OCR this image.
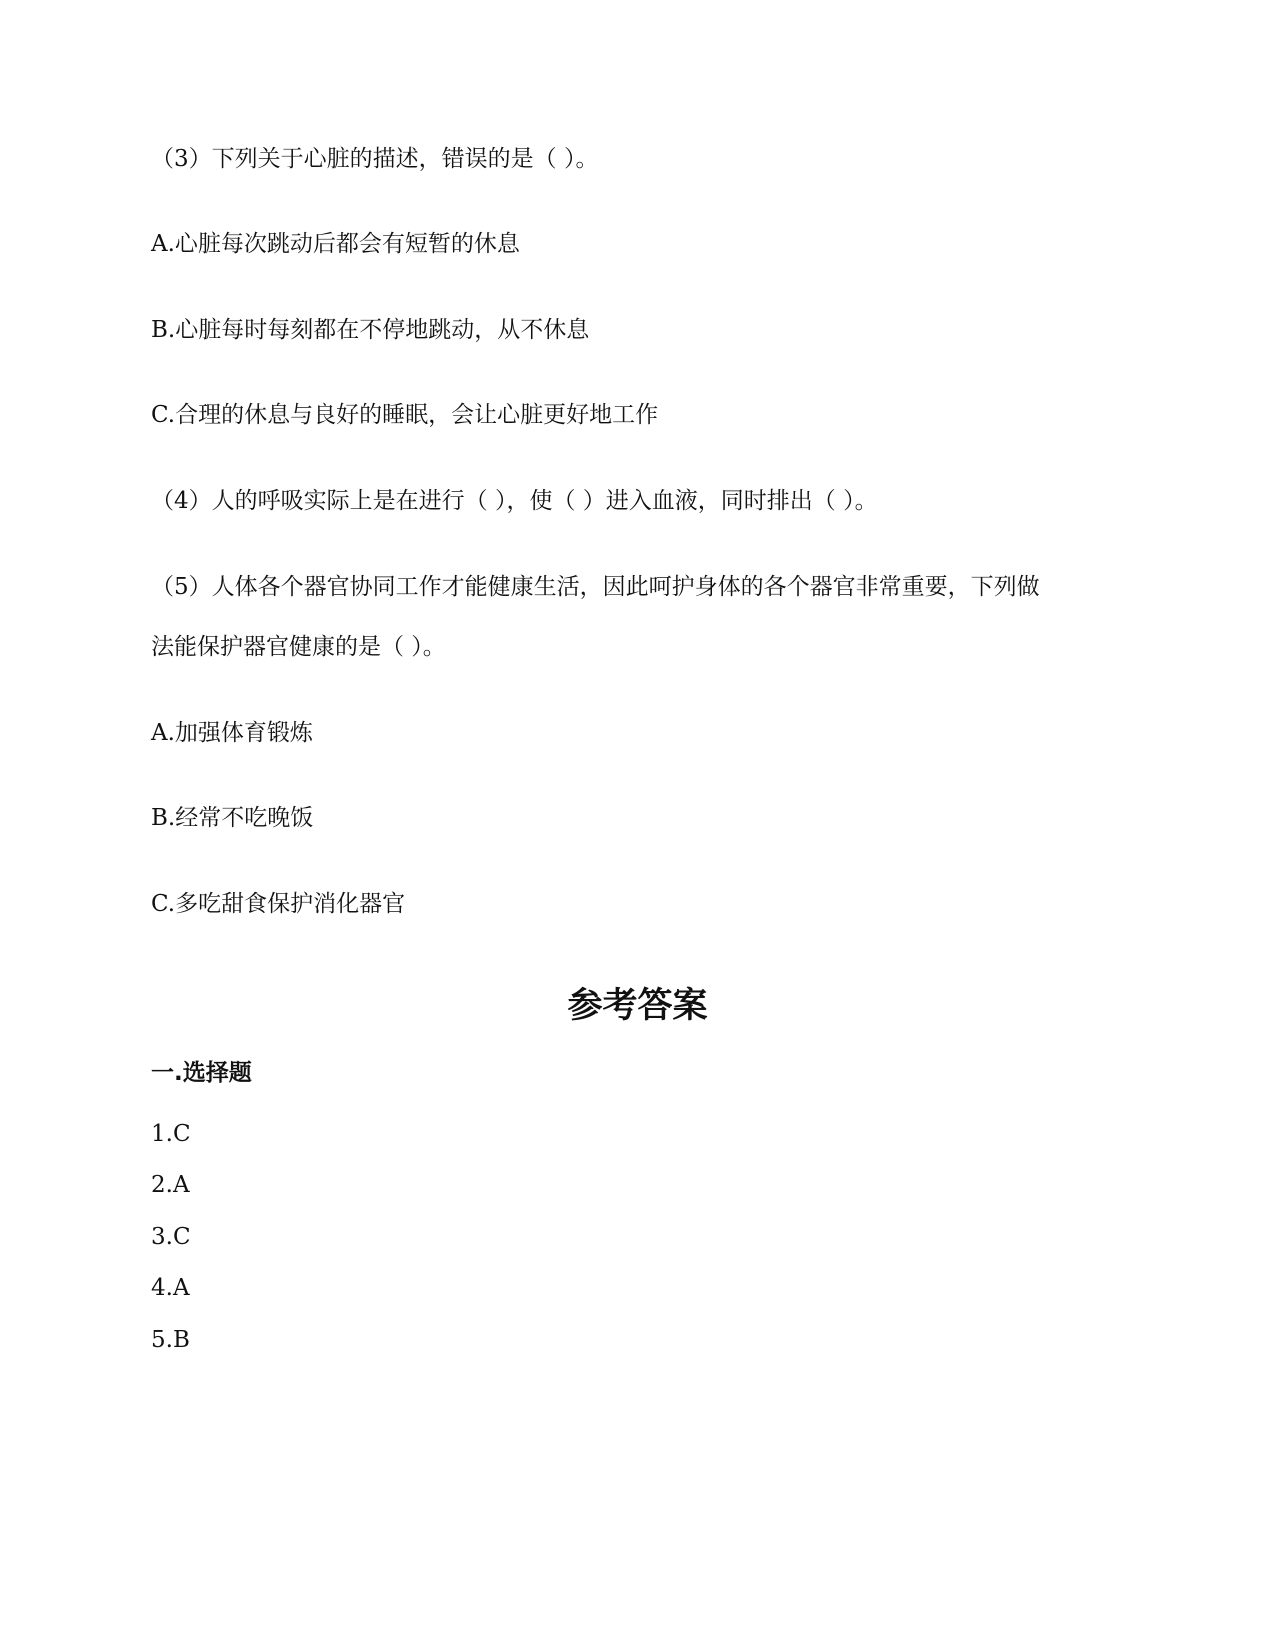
（3）下列关于心脏的描述，错误的是（ ）。
A.心脏每次跳动后都会有短暂的休息
B.心脏每时每刻都在不停地跳动，从不休息
C.合理的休息与良好的睡眠，会让心脏更好地工作
（4）人的呼吸实际上是在进行（ ），使（ ）进入血液，同时排出（ ）。
（5）人体各个器官协同工作才能健康生活，因此呵护身体的各个器官非常重要，下列做
法能保护器官健康的是（ ）。
A.加强体育锻炼
B.经常不吃晚饭
C.多吃甜食保护消化器官
参考答案
一.选择题
1.C
2.A
3.C
4.A
5.B
